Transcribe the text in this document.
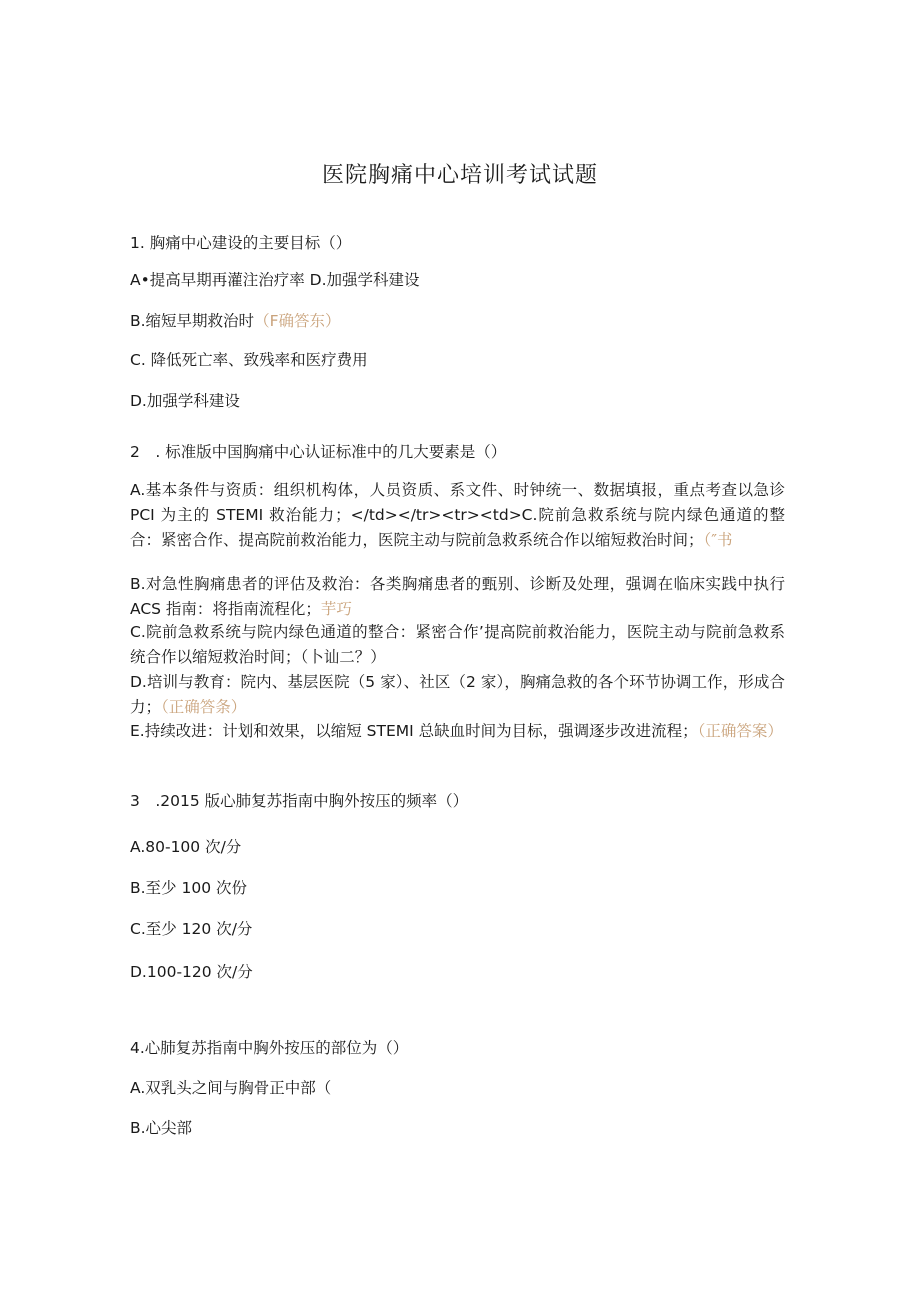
医院胸痛中心培训考试试题
1. 胸痛中心建设的主要目标（）
A•提高早期再灌注治疗率 D.加强学科建设
B.缩短早期救治时（F确答东）
C. 降低死亡率、致残率和医疗费用
D.加强学科建设
2　. 标准版中国胸痛中心认证标准中的几大要素是（）
A.基本条件与资质：组织机构体，人员资质、系文件、时钟统一、数据填报，重点考查以急诊 PCI 为主的 STEMI 救治能力；</td></tr><tr><td>C.院前急救系统与院内绿色通道的整合：紧密合作、提高院前救治能力，医院主动与院前急救系统合作以缩短救治时间；（″书
B.对急性胸痛患者的评估及救治：各类胸痛患者的甄别、诊断及处理，强调在临床实践中执行 ACS 指南：将指南流程化；芋巧
C.院前急救系统与院内绿色通道的整合：紧密合作’提高院前救治能力，医院主动与院前急救系统合作以缩短救治时间；（卜讪二？）
D.培训与教育：院内、基层医院（5 家）、社区（2 家），胸痛急救的各个环节协调工作，形成合力；（正确答条）
E.持续改进：计划和效果，以缩短 STEMI 总缺血时间为目标，强调逐步改进流程；（正确答案）
3　.2015 版心肺复苏指南中胸外按压的频率（）
A.80-100 次/分
B.至少 100 次份
C.至少 120 次/分
D.100-120 次/分
4.心肺复苏指南中胸外按压的部位为（）
A.双乳头之间与胸骨正中部（
B.心尖部
